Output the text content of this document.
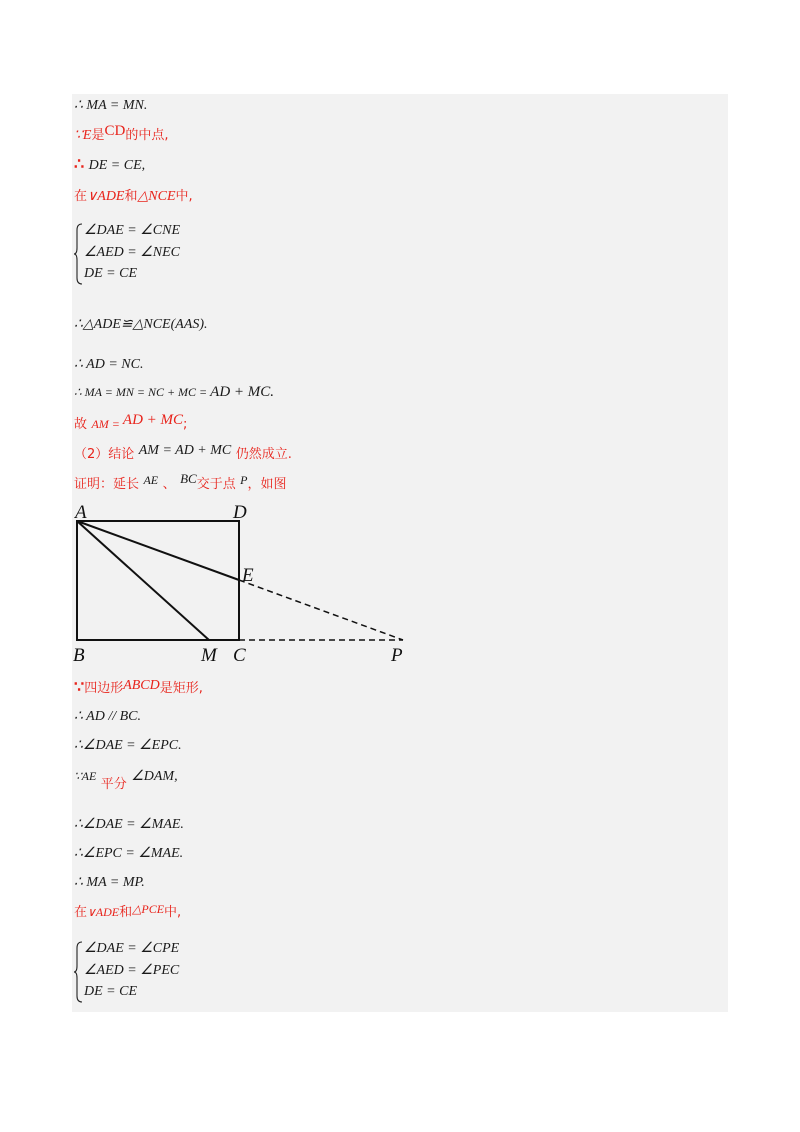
∴ MA = MN.
∵E是CD的中点,
∴ DE = CE,
在∨ADE和△NCE中,
∠DAE = ∠CNE
∠AED = ∠NEC
DE = CE
∴△ADE≌△NCE(AAS).
∴ AD = NC.
∴ MA = MN = NC + MC = AD + MC.
故 AM = AD + MC;
（2）结论 AM = AD + MC 仍然成立.
证明：延长 AE 、 BC交于点 P，如图
A	D
E
B	M C	P
∵四边形ABCD是矩形,
∴ AD // BC.
∴∠DAE = ∠EPC.
∵AE 平分 ∠DAM,
∴∠DAE = ∠MAE.
∴∠EPC = ∠MAE.
∴ MA = MP.
在∨ADE和△PCE中,
∠DAE = ∠CPE
∠AED = ∠PEC
DE = CE
